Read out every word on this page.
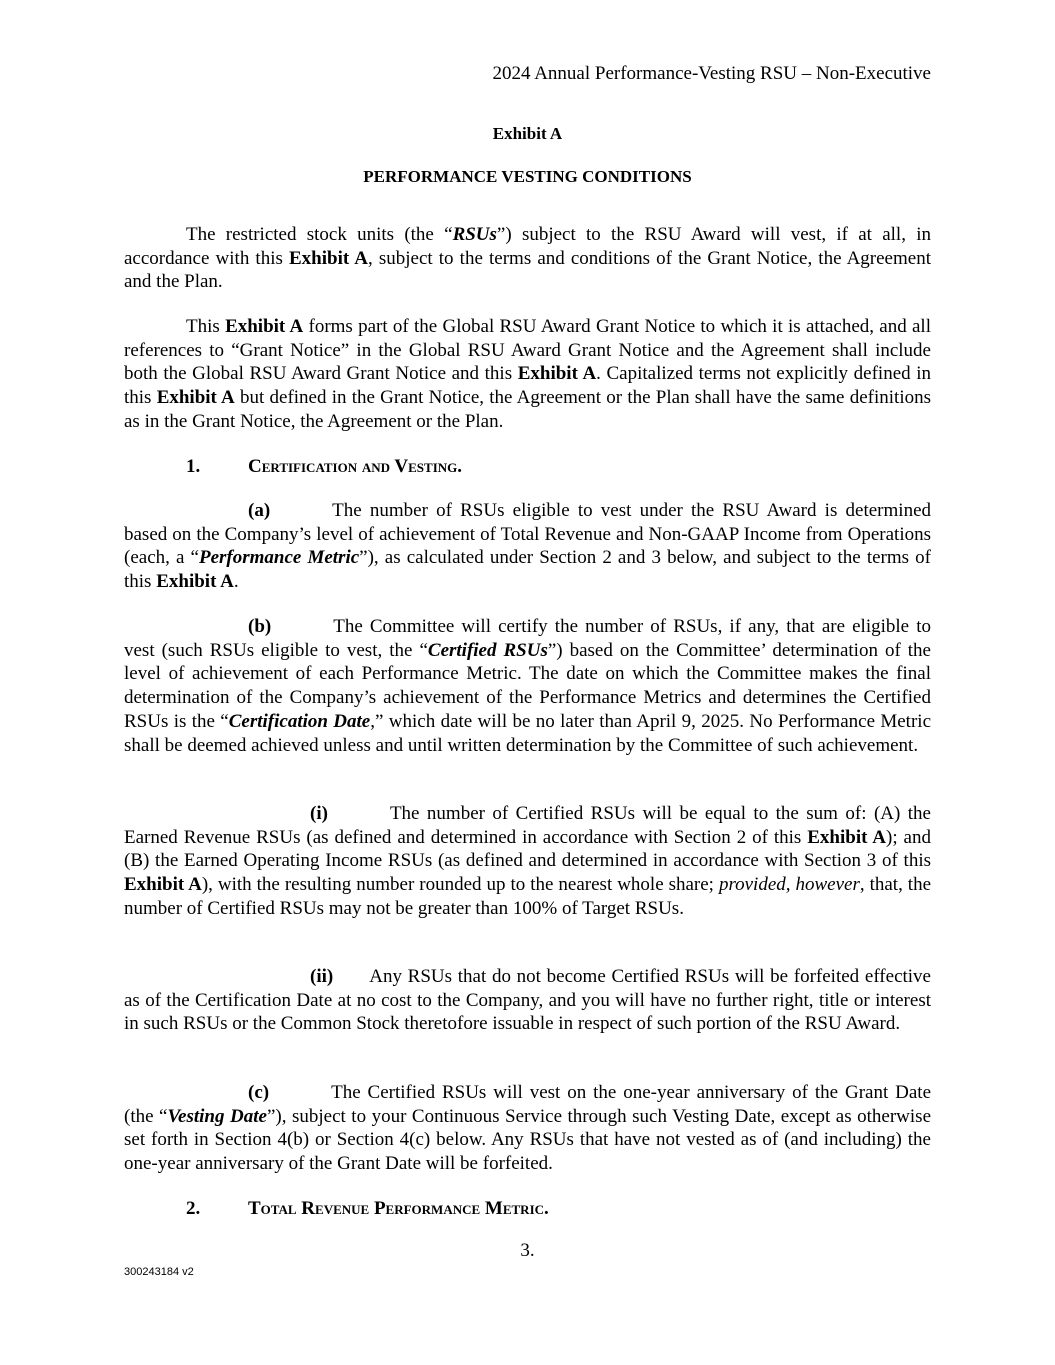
2024 Annual Performance-Vesting RSU – Non-Executive
Exhibit A
PERFORMANCE VESTING CONDITIONS

The restricted stock units (the “RSUs”) subject to the RSU Award will vest, if at all, in accordance with this Exhibit A, subject to the terms and conditions of the Grant Notice, the Agreement and the Plan.

This Exhibit A forms part of the Global RSU Award Grant Notice to which it is attached, and all references to “Grant Notice” in the Global RSU Award Grant Notice and the Agreement shall include both the Global RSU Award Grant Notice and this Exhibit A. Capitalized terms not explicitly defined in this Exhibit A but defined in the Grant Notice, the Agreement or the Plan shall have the same definitions as in the Grant Notice, the Agreement or the Plan.

1.	Certification and Vesting.

(a)	The number of RSUs eligible to vest under the RSU Award is determined based on the Company’s level of achievement of Total Revenue and Non-GAAP Income from Operations (each, a “Performance Metric”), as calculated under Section 2 and 3 below, and subject to the terms of this Exhibit A.

(b)	The Committee will certify the number of RSUs, if any, that are eligible to vest (such RSUs eligible to vest, the “Certified RSUs”) based on the Committee’ determination of the level of achievement of each Performance Metric. The date on which the Committee makes the final determination of the Company’s achievement of the Performance Metrics and determines the Certified RSUs is the “Certification Date,” which date will be no later than April 9, 2025. No Performance Metric shall be deemed achieved unless and until written determination by the Committee of such achievement.

(i)	The number of Certified RSUs will be equal to the sum of: (A) the Earned Revenue RSUs (as defined and determined in accordance with Section 2 of this Exhibit A); and (B) the Earned Operating Income RSUs (as defined and determined in accordance with Section 3 of this Exhibit A), with the resulting number rounded up to the nearest whole share; provided, however, that, the number of Certified RSUs may not be greater than 100% of Target RSUs.

(ii) Any RSUs that do not become Certified RSUs will be forfeited effective as of the Certification Date at no cost to the Company, and you will have no further right, title or interest in such RSUs or the Common Stock theretofore issuable in respect of such portion of the RSU Award.

(c)	The Certified RSUs will vest on the one-year anniversary of the Grant Date (the “Vesting Date”), subject to your Continuous Service through such Vesting Date, except as otherwise set forth in Section 4(b) or Section 4(c) below. Any RSUs that have not vested as of (and including) the one-year anniversary of the Grant Date will be forfeited.

2.	Total Revenue Performance Metric.
3.
300243184 v2
